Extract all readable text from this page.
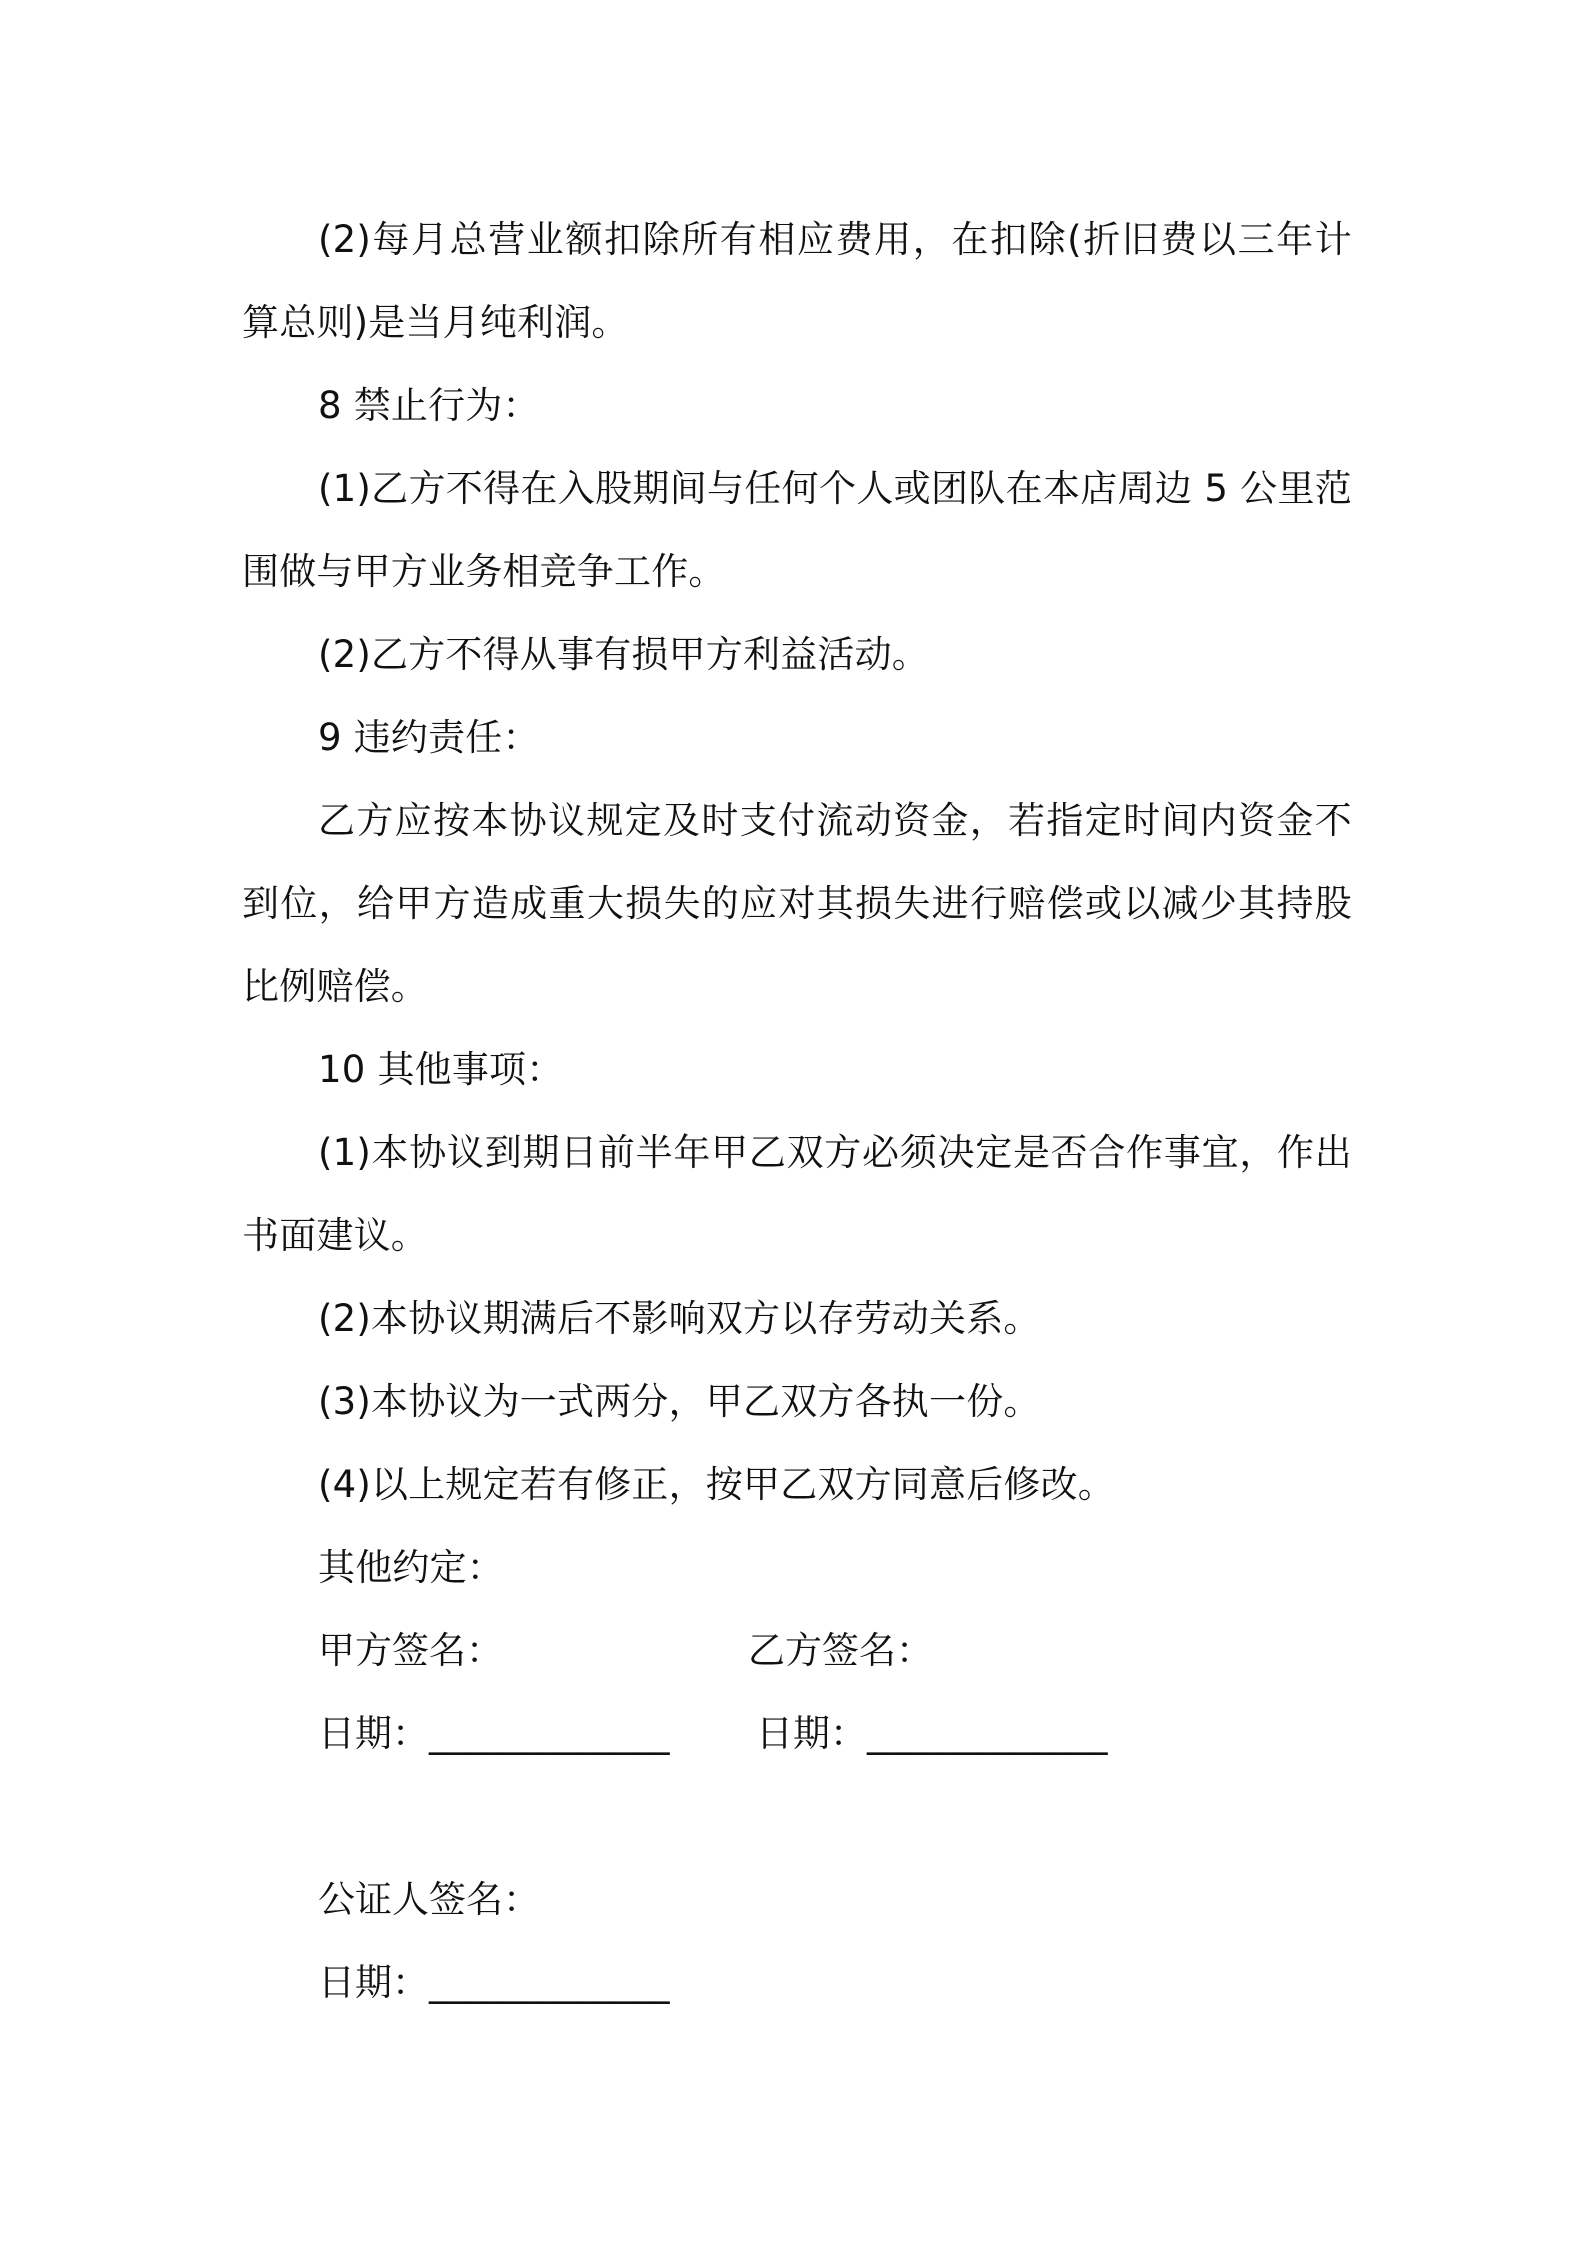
(2)每月总营业额扣除所有相应费用，在扣除(折旧费以三年计算总则)是当月纯利润。

8 禁止行为：

(1)乙方不得在入股期间与任何个人或团队在本店周边 5 公里范围做与甲方业务相竞争工作。

(2)乙方不得从事有损甲方利益活动。

9 违约责任：

乙方应按本协议规定及时支付流动资金，若指定时间内资金不到位，给甲方造成重大损失的应对其损失进行赔偿或以减少其持股比例赔偿。

10 其他事项：

(1)本协议到期日前半年甲乙双方必须决定是否合作事宜，作出书面建议。

(2)本协议期满后不影响双方以存劳动关系。

(3)本协议为一式两分，甲乙双方各执一份。

(4)以上规定若有修正，按甲乙双方同意后修改。

其他约定：

甲方签名：	乙方签名：
日期：_____________ 日期：_____________
公证人签名：
日期：_____________
